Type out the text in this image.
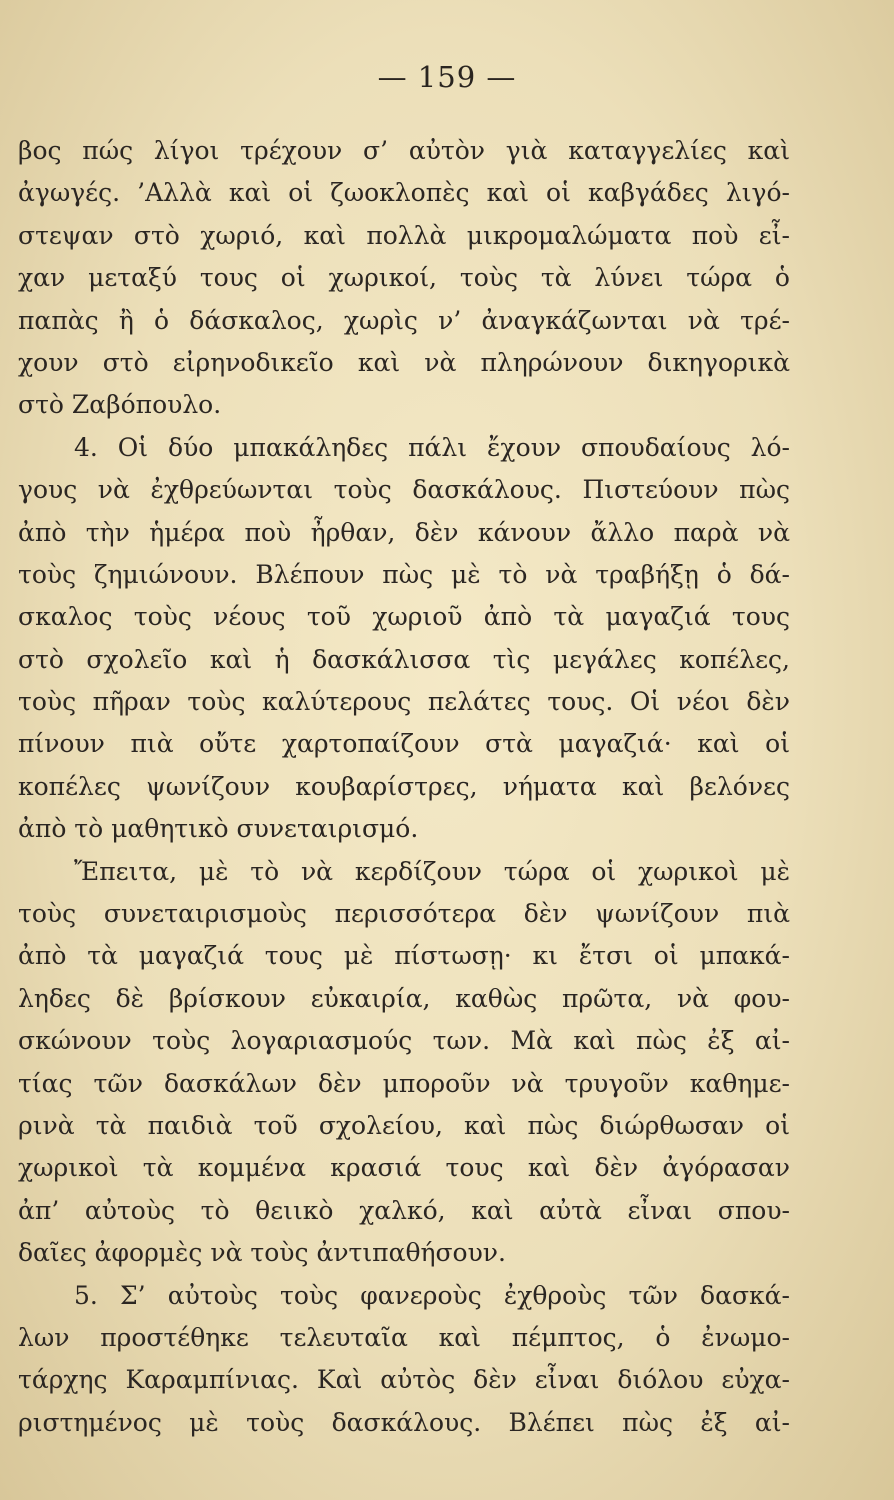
— 159 —
βος πώς λίγοι τρέχουν σ’ αὐτὸν γιὰ καταγγελίες καὶ
ἀγωγές. ’Αλλὰ καὶ οἱ ζωοκλοπὲς καὶ οἱ καβγάδες λιγό-
στεψαν στὸ χωριό, καὶ πολλὰ μικρομαλώματα ποὺ εἶ-
χαν μεταξύ τους οἱ χωρικοί, τοὺς τὰ λύνει τώρα ὁ
παπὰς ἢ ὁ δάσκαλος, χωρὶς ν’ ἀναγκάζωνται νὰ τρέ-
χουν στὸ εἰρηνοδικεῖο καὶ νὰ πληρώνουν δικηγορικὰ
στὸ Ζαβόπουλο.
4. Οἱ δύο μπακάληδες πάλι ἔχουν σπουδαίους λό-
γους νὰ ἐχθρεύωνται τοὺς δασκάλους. Πιστεύουν πὼς
ἀπὸ τὴν ἡμέρα ποὺ ἦρθαν, δὲν κάνουν ἄλλο παρὰ νὰ
τοὺς ζημιώνουν. Βλέπουν πὼς μὲ τὸ νὰ τραβήξῃ ὁ δά-
σκαλος τοὺς νέους τοῦ χωριοῦ ἀπὸ τὰ μαγαζιά τους
στὸ σχολεῖο καὶ ἡ δασκάλισσα τὶς μεγάλες κοπέλες,
τοὺς πῆραν τοὺς καλύτερους πελάτες τους. Οἱ νέοι δὲν
πίνουν πιὰ οὔτε χαρτοπαίζουν στὰ μαγαζιά· καὶ οἱ
κοπέλες ψωνίζουν κουβαρίστρες, νήματα καὶ βελόνες
ἀπὸ τὸ μαθητικὸ συνεταιρισμό.
Ἔπειτα, μὲ τὸ νὰ κερδίζουν τώρα οἱ χωρικοὶ μὲ
τοὺς συνεταιρισμοὺς περισσότερα δὲν ψωνίζουν πιὰ
ἀπὸ τὰ μαγαζιά τους μὲ πίστωσῃ· κι ἔτσι οἱ μπακά-
ληδες δὲ βρίσκουν εὐκαιρία, καθὼς πρῶτα, νὰ φου-
σκώνουν τοὺς λογαριασμούς των. Μὰ καὶ πὼς ἐξ αἰ-
τίας τῶν δασκάλων δὲν μποροῦν νὰ τρυγοῦν καθημε-
ρινὰ τὰ παιδιὰ τοῦ σχολείου, καὶ πὼς διώρθωσαν οἱ
χωρικοὶ τὰ κομμένα κρασιά τους καὶ δὲν ἀγόρασαν
ἀπ’ αὐτοὺς τὸ θειικὸ χαλκό, καὶ αὐτὰ εἶναι σπου-
δαῖες ἀφορμὲς νὰ τοὺς ἀντιπαθήσουν.
5. Σ’ αὐτοὺς τοὺς φανεροὺς ἐχθροὺς τῶν δασκά-
λων προστέθηκε τελευταῖα καὶ πέμπτος, ὁ ἐνωμο-
τάρχης Καραμπίνιας. Καὶ αὐτὸς δὲν εἶναι διόλου εὐχα-
ριστημένος μὲ τοὺς δασκάλους. Βλέπει πὼς ἐξ αἰ-
